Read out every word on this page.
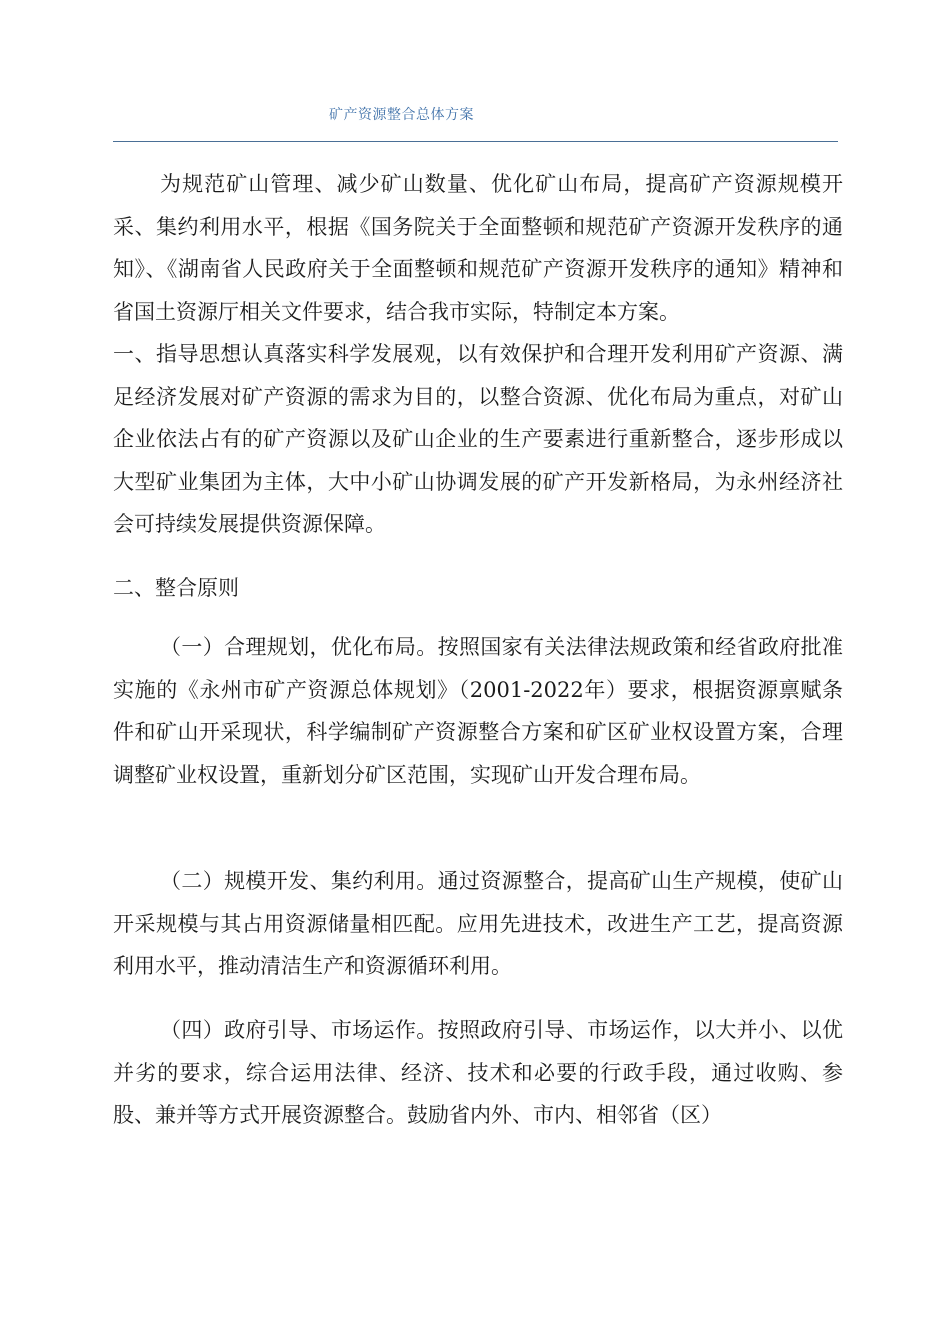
矿产资源整合总体方案

为规范矿山管理、减少矿山数量、优化矿山布局，提高矿产资源规模开采、集约利用水平，根据《国务院关于全面整顿和规范矿产资源开发秩序的通知》、《湖南省人民政府关于全面整顿和规范矿产资源开发秩序的通知》精神和省国土资源厅相关文件要求，结合我市实际，特制定本方案。

一、指导思想认真落实科学发展观，以有效保护和合理开发利用矿产资源、满足经济发展对矿产资源的需求为目的，以整合资源、优化布局为重点，对矿山企业依法占有的矿产资源以及矿山企业的生产要素进行重新整合，逐步形成以大型矿业集团为主体，大中小矿山协调发展的矿产开发新格局，为永州经济社会可持续发展提供资源保障。

二、整合原则

（一）合理规划，优化布局。按照国家有关法律法规政策和经省政府批准实施的《永州市矿产资源总体规划》（2001-2022年）要求，根据资源禀赋条件和矿山开采现状，科学编制矿产资源整合方案和矿区矿业权设置方案，合理调整矿业权设置，重新划分矿区范围，实现矿山开发合理布局。

（二）规模开发、集约利用。通过资源整合，提高矿山生产规模，使矿山开采规模与其占用资源储量相匹配。应用先进技术，改进生产工艺，提高资源利用水平，推动清洁生产和资源循环利用。

（四）政府引导、市场运作。按照政府引导、市场运作，以大并小、以优并劣的要求，综合运用法律、经济、技术和必要的行政手段，通过收购、参股、兼并等方式开展资源整合。鼓励省内外、市内、相邻省（区）
